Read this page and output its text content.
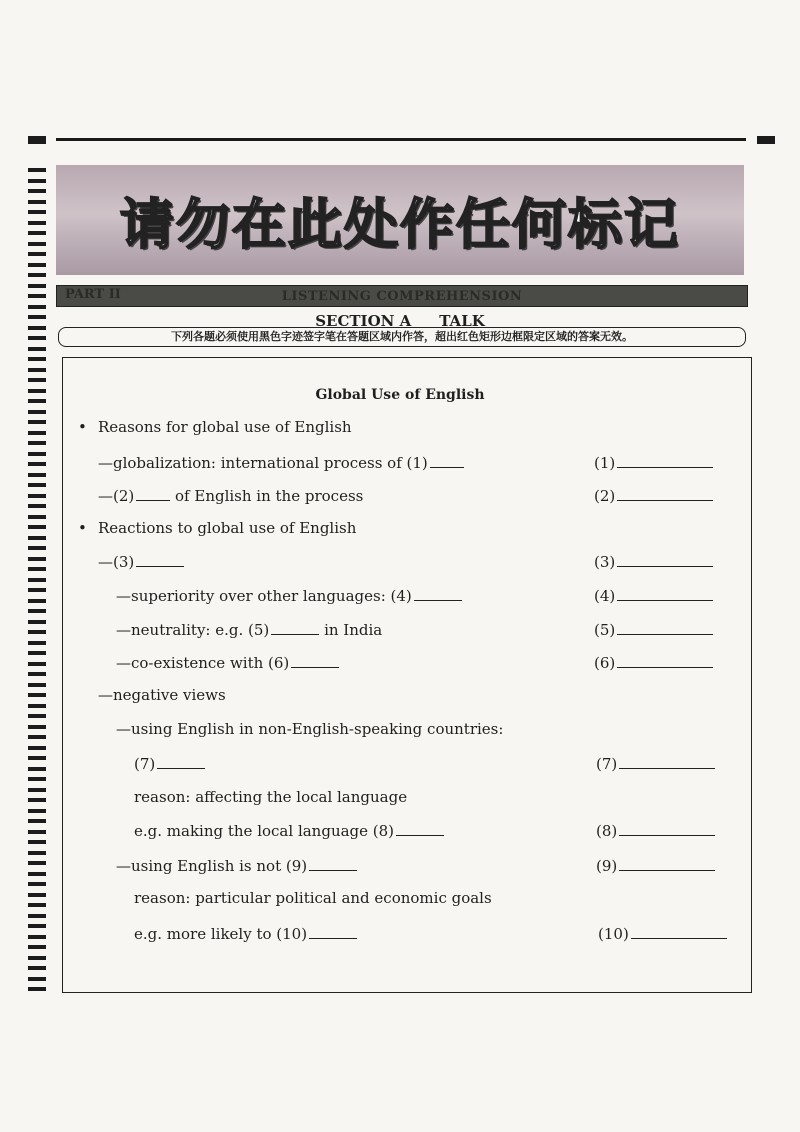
请勿在此处作任何标记
PART II	LISTENING COMPREHENSION
SECTION A TALK
下列各题必须使用黑色字迹签字笔在答题区域内作答，超出红色矩形边框限定区域的答案无效。
Global Use of English
• Reasons for global use of English
—globalization: international process of (1)
—(2) of English in the process
• Reactions to global use of English
—(3)
—superiority over other languages: (4)
—neutrality: e.g. (5)	in India
—co-existence with (6)
—negative views
—using English in non-English-speaking countries:
(7)
reason: affecting the local language
e.g. making the local language (8)
—using English is not (9)
reason: particular political and economic goals
e.g. more likely to (10)
(1)
(2)
(3)
(4)
(5)
(6)
(7)
(8)
(9)
(10)
